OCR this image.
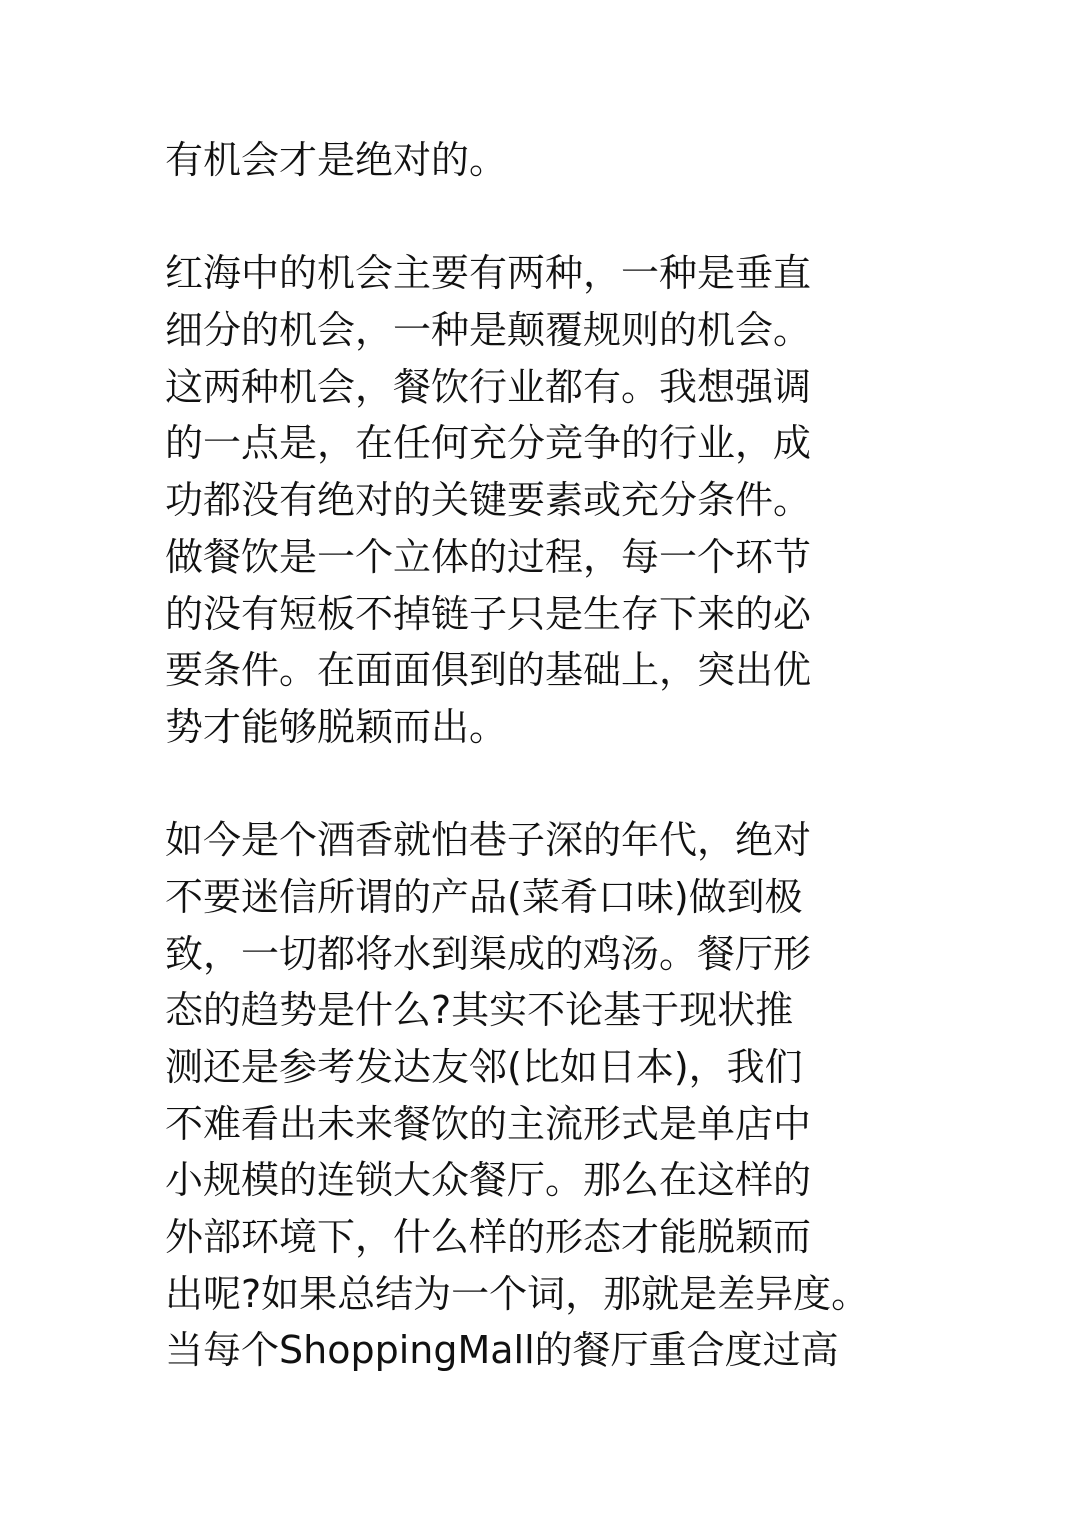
有机会才是绝对的。

红海中的机会主要有两种，一种是垂直
细分的机会，一种是颠覆规则的机会。
这两种机会，餐饮行业都有。我想强调
的一点是，在任何充分竞争的行业，成
功都没有绝对的关键要素或充分条件。
做餐饮是一个立体的过程，每一个环节
的没有短板不掉链子只是生存下来的必
要条件。在面面俱到的基础上，突出优
势才能够脱颖而出。

如今是个酒香就怕巷子深的年代，绝对
不要迷信所谓的产品(菜肴口味)做到极
致，一切都将水到渠成的鸡汤。餐厅形
态的趋势是什么?其实不论基于现状推
测还是参考发达友邻(比如日本)，我们
不难看出未来餐饮的主流形式是单店中
小规模的连锁大众餐厅。那么在这样的
外部环境下，什么样的形态才能脱颖而
出呢?如果总结为一个词，那就是差异度。
当每个ShoppingMall的餐厅重合度过高
